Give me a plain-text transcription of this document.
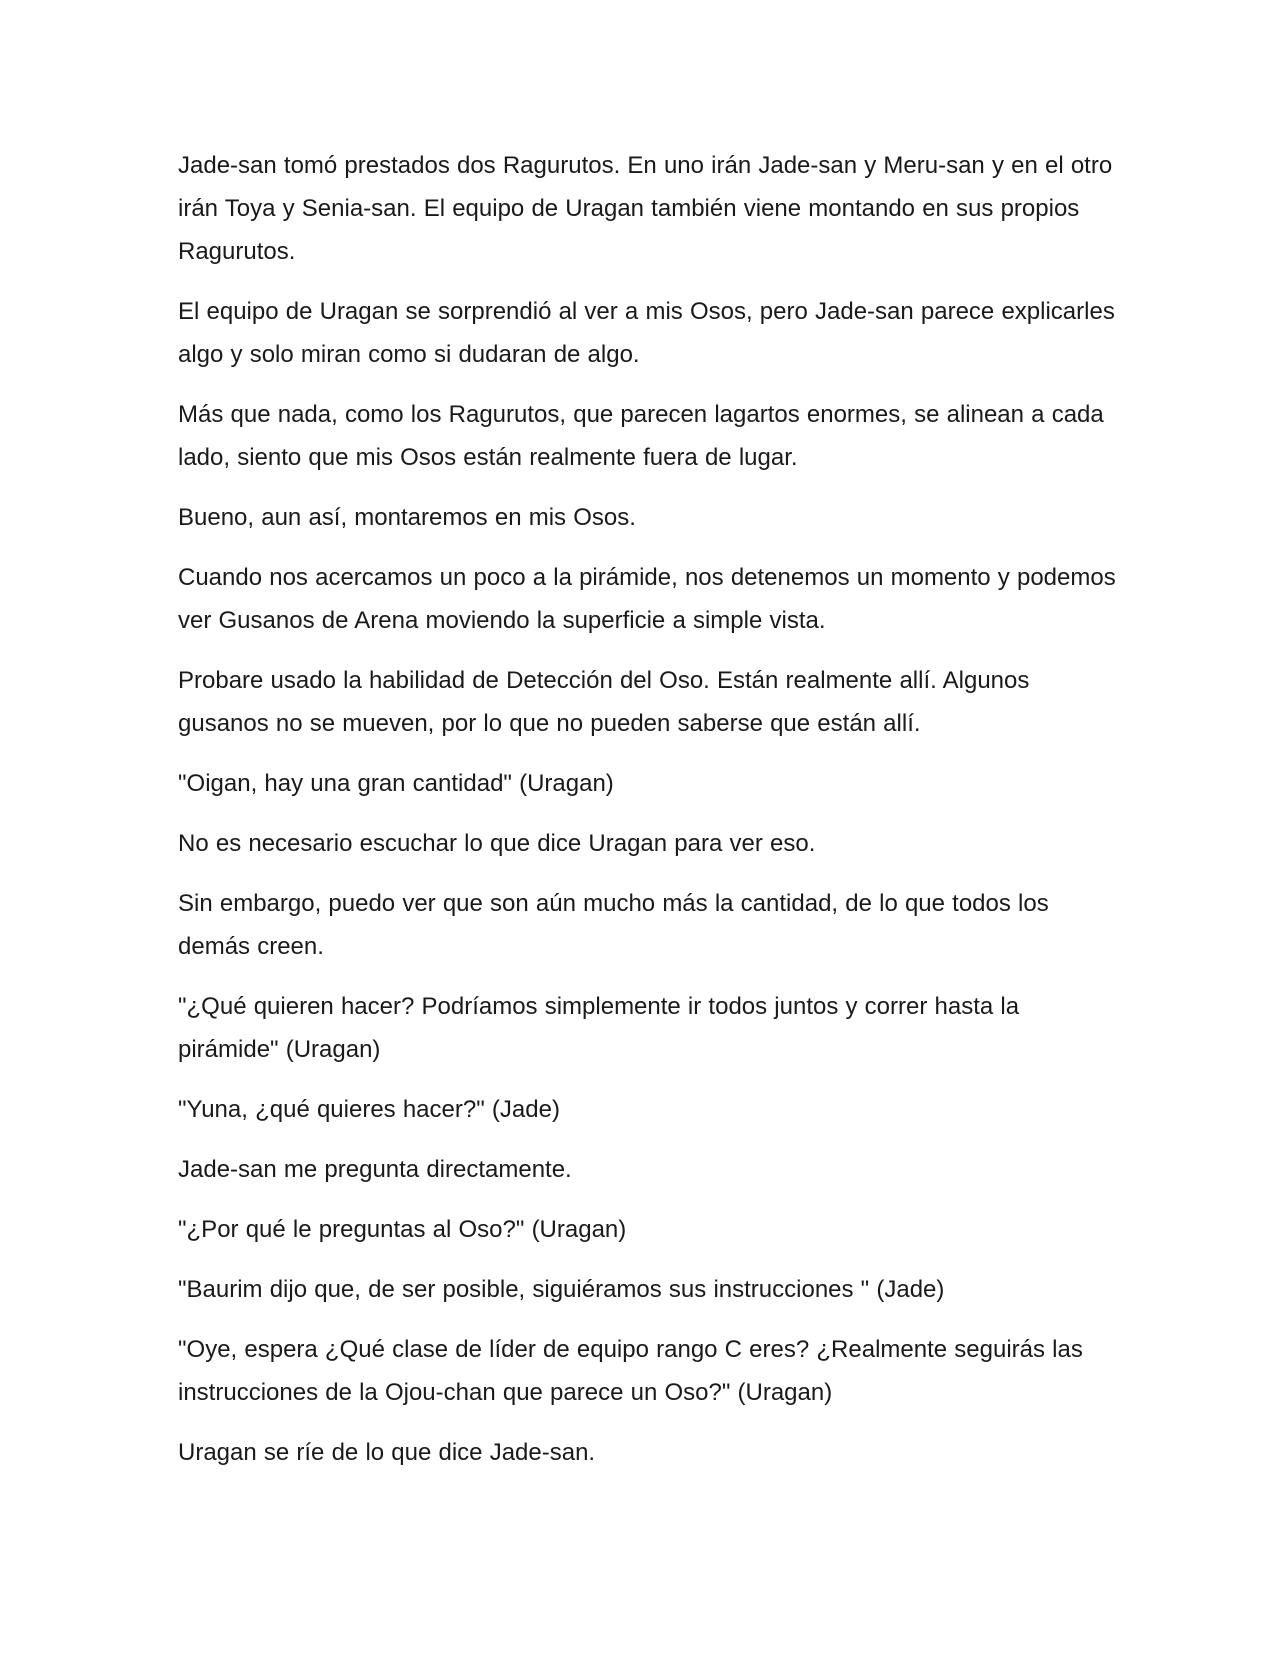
Jade-san tomó prestados dos Ragurutos. En uno irán Jade-san y Meru-san y en el otro irán Toya y Senia-san. El equipo de Uragan también viene montando en sus propios Ragurutos.

El equipo de Uragan se sorprendió al ver a mis Osos, pero Jade-san parece explicarles algo y solo miran como si dudaran de algo.

Más que nada, como los Ragurutos, que parecen lagartos enormes, se alinean a cada lado, siento que mis Osos están realmente fuera de lugar.

Bueno, aun así, montaremos en mis Osos.

Cuando nos acercamos un poco a la pirámide, nos detenemos un momento y podemos ver Gusanos de Arena moviendo la superficie a simple vista.

Probare usado la habilidad de Detección del Oso. Están realmente allí. Algunos gusanos no se mueven, por lo que no pueden saberse que están allí.

"Oigan, hay una gran cantidad" (Uragan)

No es necesario escuchar lo que dice Uragan para ver eso.

Sin embargo, puedo ver que son aún mucho más la cantidad, de lo que todos los demás creen.

"¿Qué quieren hacer? Podríamos simplemente ir todos juntos y correr hasta la pirámide" (Uragan)

"Yuna, ¿qué quieres hacer?" (Jade)

Jade-san me pregunta directamente.

"¿Por qué le preguntas al Oso?" (Uragan)

"Baurim dijo que, de ser posible, siguiéramos sus instrucciones " (Jade)

"Oye, espera ¿Qué clase de líder de equipo rango C eres? ¿Realmente seguirás las instrucciones de la Ojou-chan que parece un Oso?" (Uragan)

Uragan se ríe de lo que dice Jade-san.
